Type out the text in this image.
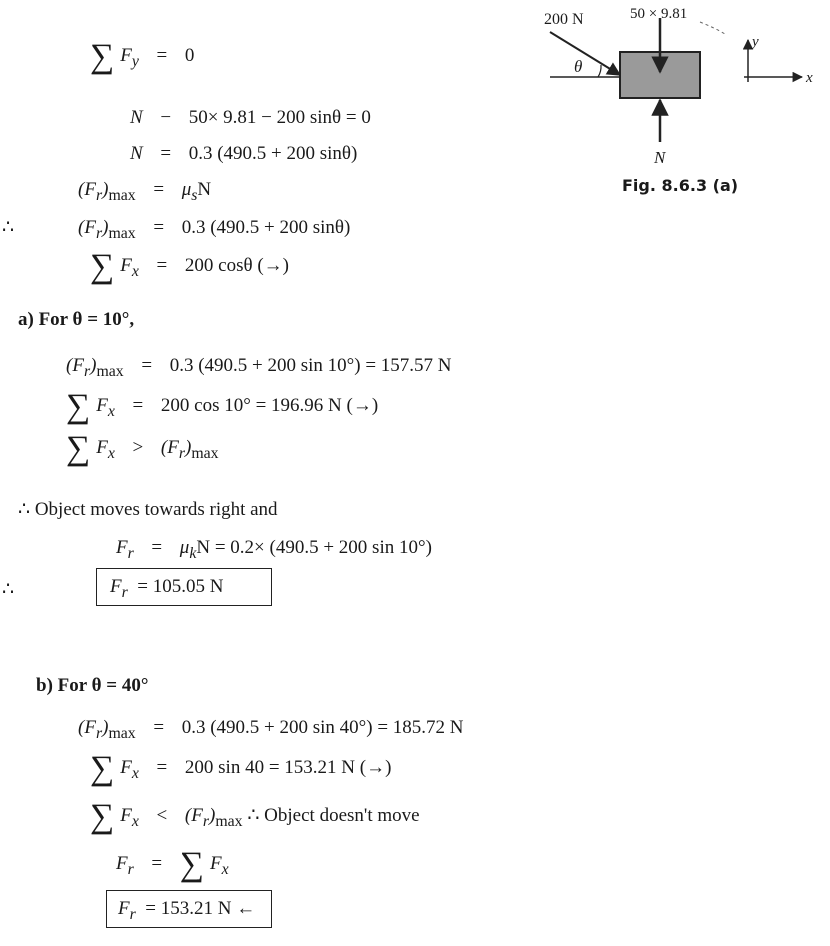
200 N	50 × 9.81
θ
N
x
y
Fig. 8.6.3 (a)
∑ $F_y = 0$
N − 50× 9.81 − 200 sinθ = 0
N = 0.3 (490.5 + 200 sinθ)
$(F_r)_{max} = \mu_sN$
∴	$(F_r)_{max} = 0.3$ (490.5 + 200 sinθ)
∑ $F_x = 200$ cosθ (→)
a) For θ = 10°,
$(F_r)_{max} = 0.3$ (490.5 + 200 sin 10°) = 157.57 N
∑ $F_x = 200$ cos 10° = 196.96 N (→)
∑ $F_x > (F_r)_{max}$
∴ Object moves towards right and
$F_r = \mu_kN = 0.2\times (490.5 + 200$ sin 10°)
∴	$F_r = 105.05$ N
b) For θ = 40°
$(F_r)_{max} = 0.3$ (490.5 + 200 sin 40°) = 185.72 N
∑ $F_x = 200$ sin 40 = 153.21 N (→)
∑ $F_x < (F_r)_{max}$ ∴ Object doesn't move
$F_r$ = ∑ $F_x$
$F_r = 153.21$ N ←
